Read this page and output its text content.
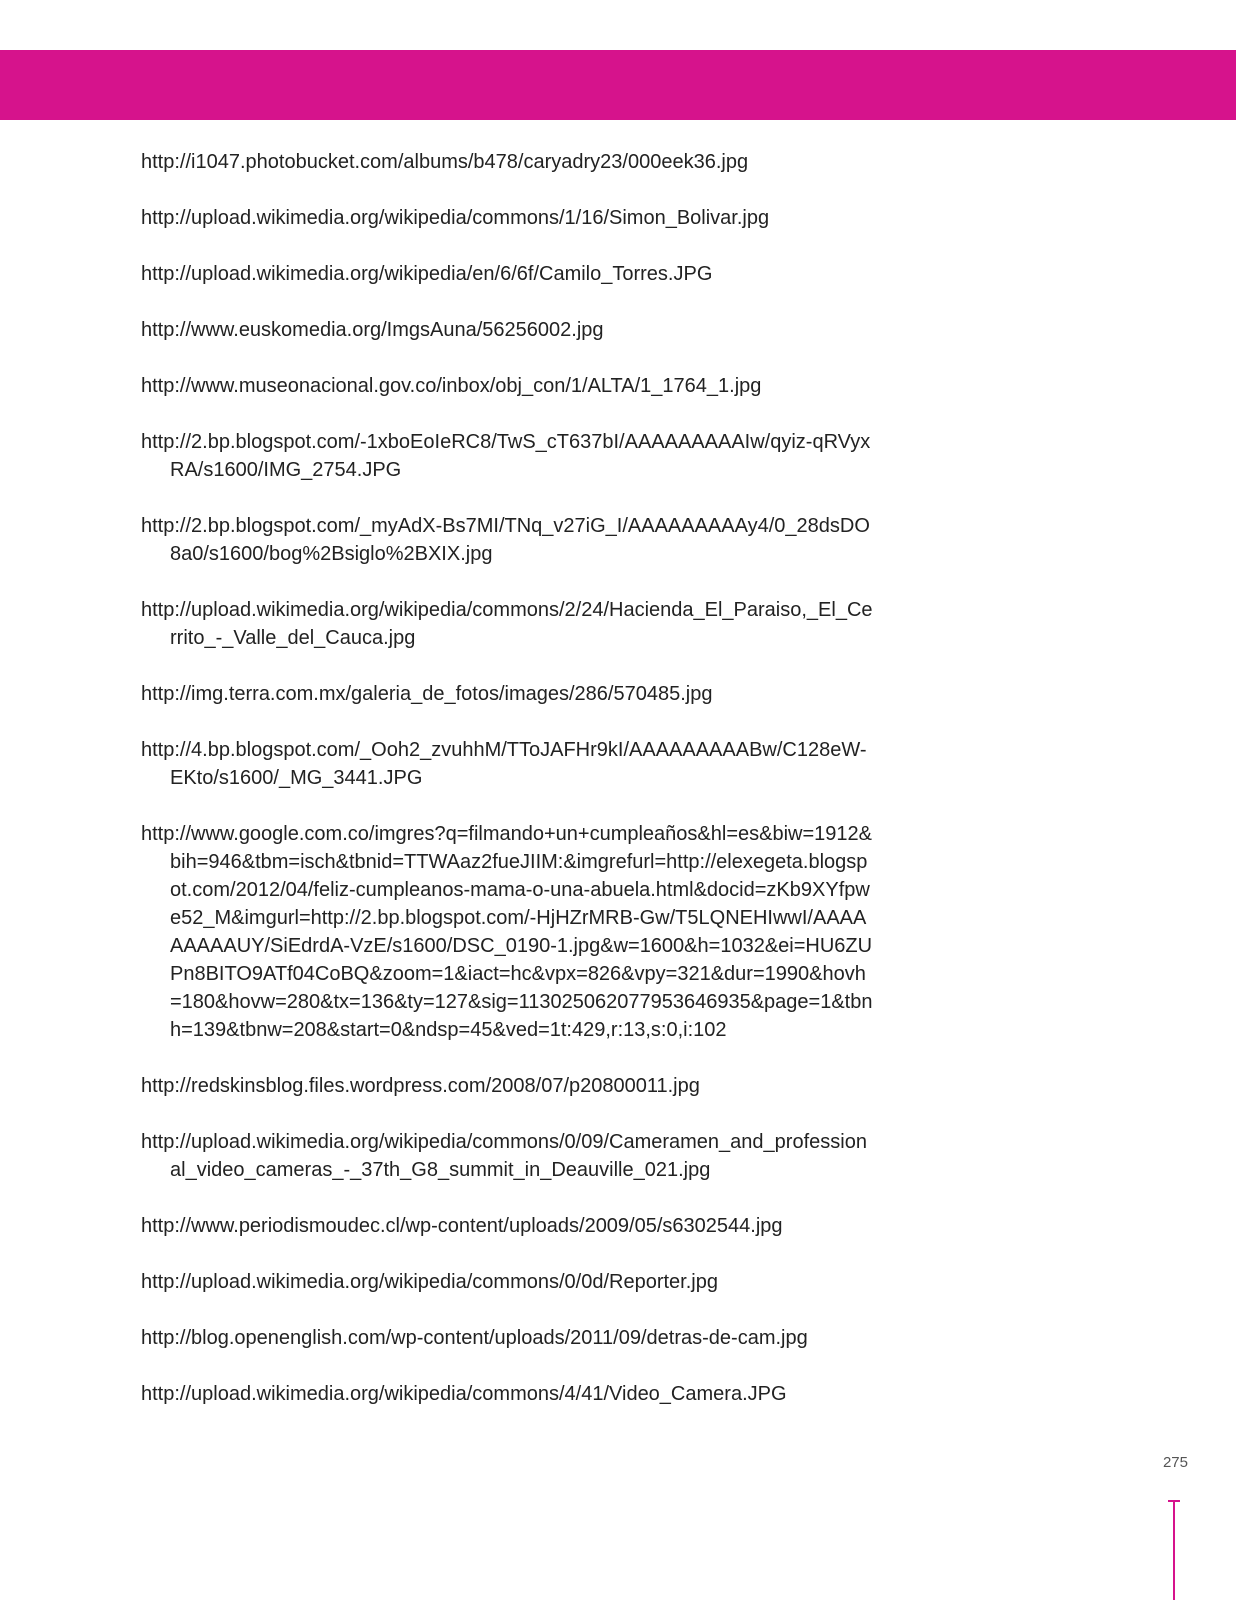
http://i1047.photobucket.com/albums/b478/caryadry23/000eek36.jpg
http://upload.wikimedia.org/wikipedia/commons/1/16/Simon_Bolivar.jpg
http://upload.wikimedia.org/wikipedia/en/6/6f/Camilo_Torres.JPG
http://www.euskomedia.org/ImgsAuna/56256002.jpg
http://www.museonacional.gov.co/inbox/obj_con/1/ALTA/1_1764_1.jpg
http://2.bp.blogspot.com/-1xboEoIeRC8/TwS_cT637bI/AAAAAAAAAIw/qyiz-qRVyxRA/s1600/IMG_2754.JPG
http://2.bp.blogspot.com/_myAdX-Bs7MI/TNq_v27iG_I/AAAAAAAAAy4/0_28dsDO8a0/s1600/bog%2Bsiglo%2BXIX.jpg
http://upload.wikimedia.org/wikipedia/commons/2/24/Hacienda_El_Paraiso,_El_Cerrito_-_Valle_del_Cauca.jpg
http://img.terra.com.mx/galeria_de_fotos/images/286/570485.jpg
http://4.bp.blogspot.com/_Ooh2_zvuhhM/TToJAFHr9kI/AAAAAAAAABw/C128eW-EKto/s1600/_MG_3441.JPG
http://www.google.com.co/imgres?q=filmando+un+cumpleaños&hl=es&biw=1912&bih=946&tbm=isch&tbnid=TTWAaz2fueJIIM:&imgrefurl=http://elexegeta.blogspot.com/2012/04/feliz-cumpleanos-mama-o-una-abuela.html&docid=zKb9XYfpwe52_M&imgurl=http://2.bp.blogspot.com/-HjHZrMRB-Gw/T5LQNEHIwwI/AAAAAAAAAUY/SiEdrdA-VzE/s1600/DSC_0190-1.jpg&w=1600&h=1032&ei=HU6ZUPn8BITO9ATf04CoBQ&zoom=1&iact=hc&vpx=826&vpy=321&dur=1990&hovh=180&hovw=280&tx=136&ty=127&sig=113025062077953646935&page=1&tbnh=139&tbnw=208&start=0&ndsp=45&ved=1t:429,r:13,s:0,i:102
http://redskinsblog.files.wordpress.com/2008/07/p20800011.jpg
http://upload.wikimedia.org/wikipedia/commons/0/09/Cameramen_and_professional_video_cameras_-_37th_G8_summit_in_Deauville_021.jpg
http://www.periodismoudec.cl/wp-content/uploads/2009/05/s6302544.jpg
http://upload.wikimedia.org/wikipedia/commons/0/0d/Reporter.jpg
http://blog.openenglish.com/wp-content/uploads/2011/09/detras-de-cam.jpg
http://upload.wikimedia.org/wikipedia/commons/4/41/Video_Camera.JPG
275
